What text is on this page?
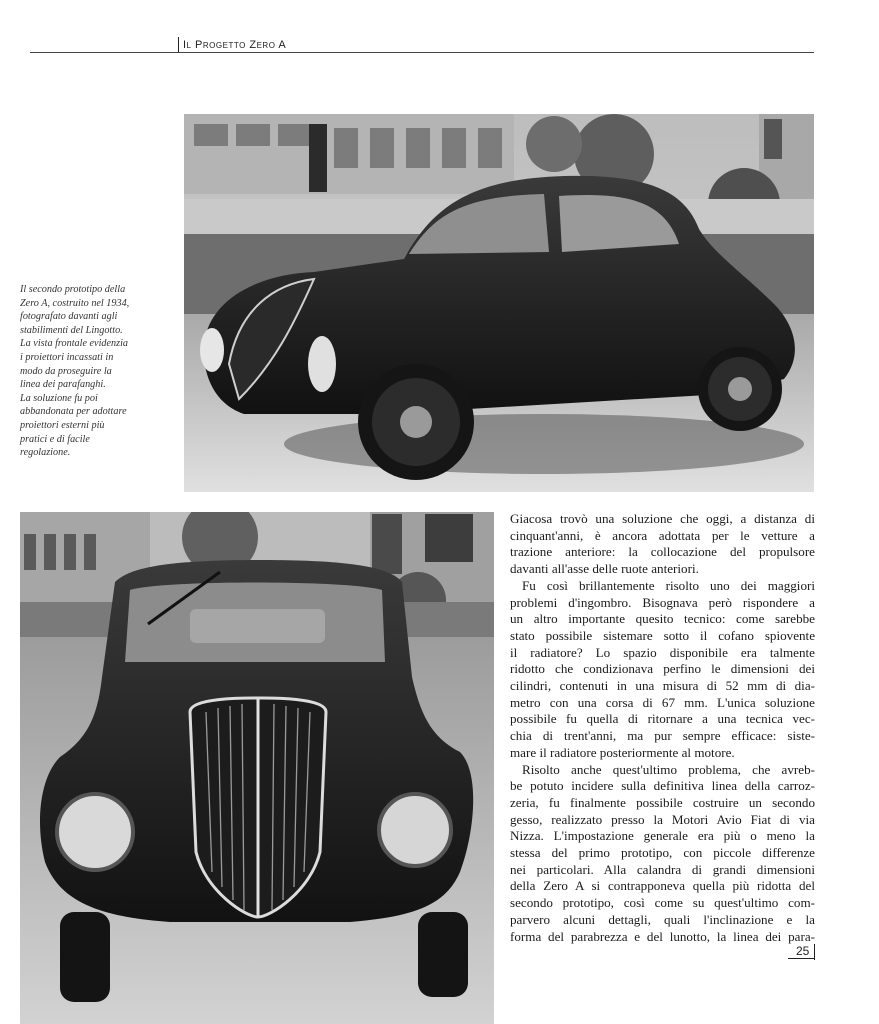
Il Progetto Zero A
Il secondo prototipo della
Zero A, costruito nel 1934,
fotografato davanti agli
stabilimenti del Lingotto.
La vista frontale evidenzia
i proiettori incassati in
modo da proseguire la
linea dei parafanghi.
La soluzione fu poi
abbandonata per adottare
proiettori esterni più
pratici e di facile
regolazione.
Giacosa trovò una soluzione che oggi, a distanza di
cinquant'anni, è ancora adottata per le vetture a
trazione anteriore: la collocazione del propulsore
davanti all'asse delle ruote anteriori.
Fu così brillantemente risolto uno dei maggiori
problemi d'ingombro. Bisognava però rispondere a
un altro importante quesito tecnico: come sarebbe
stato possibile sistemare sotto il cofano spiovente
il radiatore? Lo spazio disponibile era talmente
ridotto che condizionava perfino le dimensioni dei
cilindri, contenuti in una misura di 52 mm di dia-
metro con una corsa di 67 mm. L'unica soluzione
possibile fu quella di ritornare a una tecnica vec-
chia di trent'anni, ma pur sempre efficace: siste-
mare il radiatore posteriormente al motore.
Risolto anche quest'ultimo problema, che avreb-
be potuto incidere sulla definitiva linea della carroz-
zeria, fu finalmente possibile costruire un secondo
gesso, realizzato presso la Motori Avio Fiat di via
Nizza. L'impostazione generale era più o meno la
stessa del primo prototipo, con piccole differenze
nei particolari. Alla calandra di grandi dimensioni
della Zero A si contrapponeva quella più ridotta del
secondo prototipo, così come su quest'ultimo com-
parvero alcuni dettagli, quali l'inclinazione e la
forma del parabrezza e del lunotto, la linea dei para-
25
